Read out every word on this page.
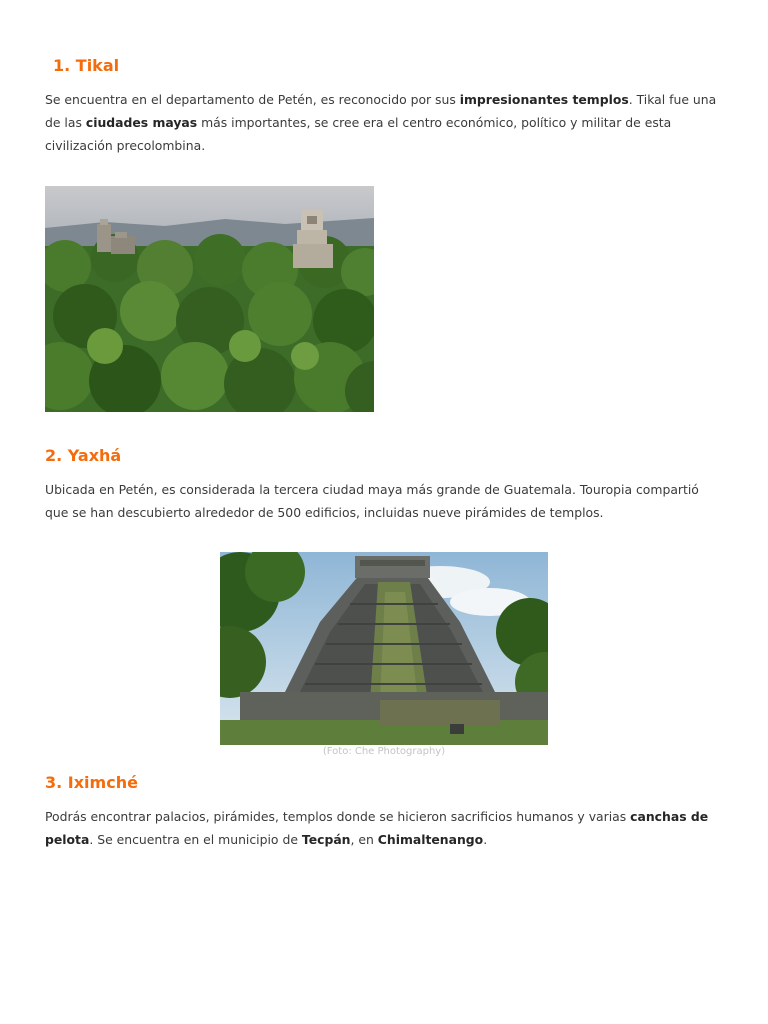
1. Tikal

Se encuentra en el departamento de Petén, es reconocido por sus impresionantes templos. Tikal fue una de las ciudades mayas más importantes, se cree era el centro económico, político y militar de esta civilización precolombina.

2. Yaxhá

Ubicada en Petén, es considerada la tercera ciudad maya más grande de Guatemala. Touropia compartió que se han descubierto alrededor de 500 edificios, incluidas nueve pirámides de templos.

(Foto: Che Photography)

3. Iximché

Podrás encontrar palacios, pirámides, templos donde se hicieron sacrificios humanos y varias canchas de pelota. Se encuentra en el municipio de Tecpán, en Chimaltenango.
